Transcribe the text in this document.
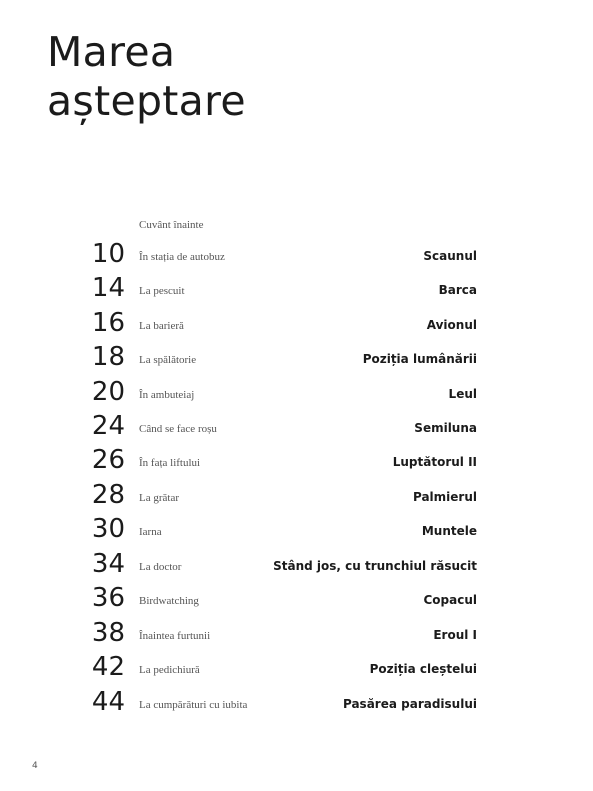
Marea
așteptare
Cuvânt înainte
10 În stația de autobuz	Scaunul
14 La pescuit	Barca
16 La barieră	Avionul
18 La spălătorie	Poziția lumânării
20 În ambuteiaj	Leul
24 Când se face roșu	Semiluna
26 În fața liftului	Luptătorul II
28 La grătar	Palmierul
30 Iarna	Muntele
34 La doctor	Stând jos, cu trunchiul răsucit
36 Birdwatching	Copacul
38 Înaintea furtunii	Eroul I
42 La pedichiură	Poziția cleștelui
44 La cumpărături cu iubita	Pasărea paradisului
4
